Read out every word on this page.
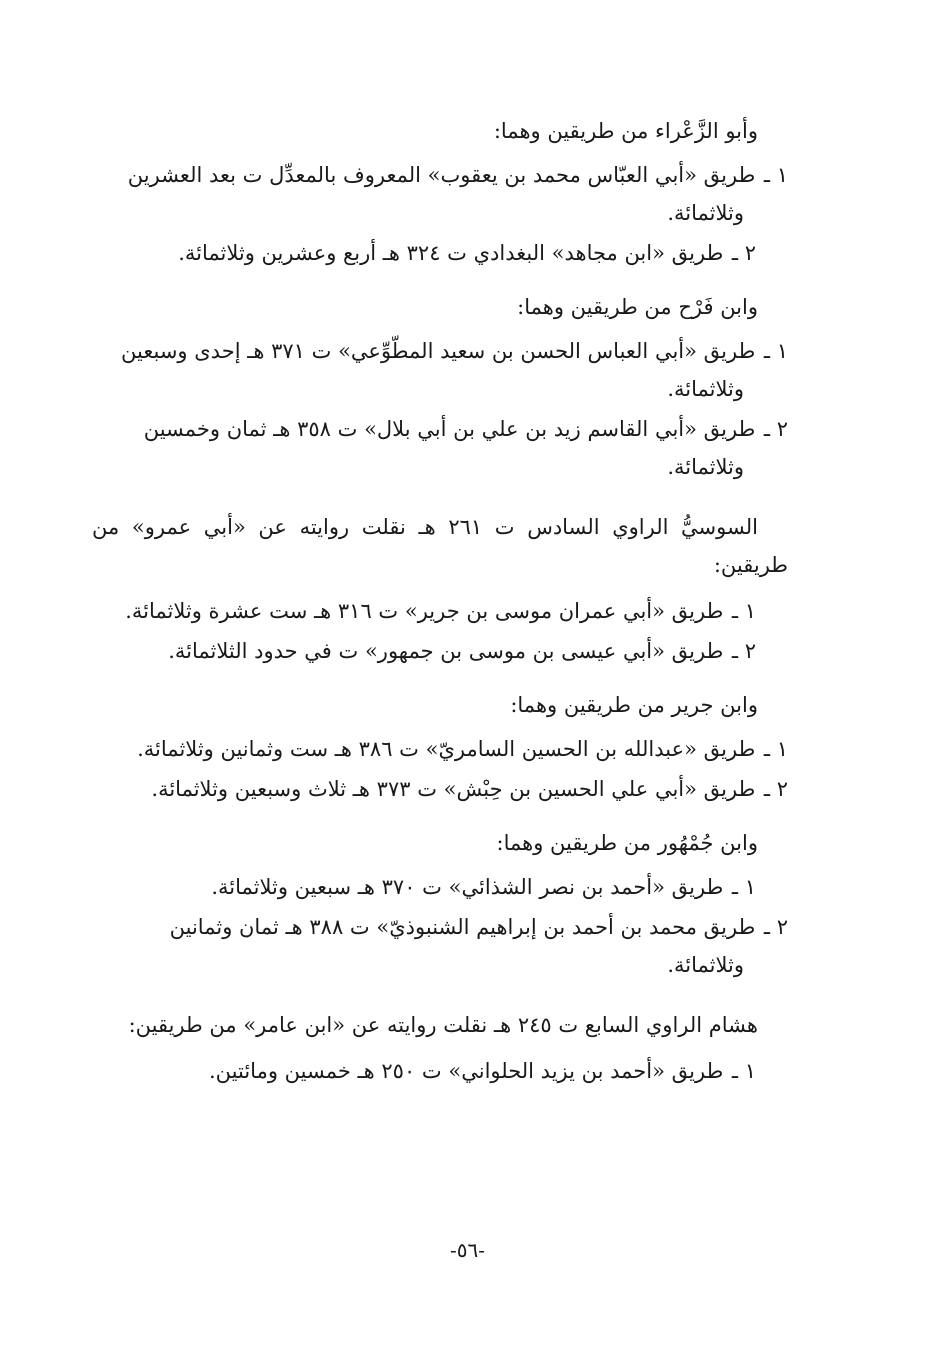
وأبو الزَّعْراء من طريقين وهما:
١ ـ طريق «أبي العبّاس محمد بن يعقوب» المعروف بالمعدِّل ت بعد العشرين
وثلاثمائة.
٢ ـ طريق «ابن مجاهد» البغدادي ت ٣٢٤ هـ أربع وعشرين وثلاثمائة.
وابن فَرْح من طريقين وهما:
١ ـ طريق «أبي العباس الحسن بن سعيد المطّوِّعي» ت ٣٧١ هـ إحدى وسبعين
وثلاثمائة.
٢ ـ طريق «أبي القاسم زيد بن علي بن أبي بلال» ت ٣٥٨ هـ ثمان وخمسين
وثلاثمائة.
السوسيُّ الراوي السادس ت ٢٦١ هـ نقلت روايته عن «أبي عمرو» من طريقين:
١ ـ طريق «أبي عمران موسى بن جرير» ت ٣١٦ هـ ست عشرة وثلاثمائة.
٢ ـ طريق «أبي عيسى بن موسى بن جمهور» ت في حدود الثلاثمائة.
وابن جرير من طريقين وهما:
١ ـ طريق «عبدالله بن الحسين السامريّ» ت ٣٨٦ هـ ست وثمانين وثلاثمائة.
٢ ـ طريق «أبي علي الحسين بن حِبْش» ت ٣٧٣ هـ ثلاث وسبعين وثلاثمائة.
وابن جُمْهُور من طريقين وهما:
١ ـ طريق «أحمد بن نصر الشذائي» ت ٣٧٠ هـ سبعين وثلاثمائة.
٢ ـ طريق محمد بن أحمد بن إبراهيم الشنبوذيّ» ت ٣٨٨ هـ ثمان وثمانين
وثلاثمائة.
هشام الراوي السابع ت ٢٤٥ هـ نقلت روايته عن «ابن عامر» من طريقين:
١ ـ طريق «أحمد بن يزيد الحلواني» ت ٢٥٠ هـ خمسين ومائتين.
-٥٦-
